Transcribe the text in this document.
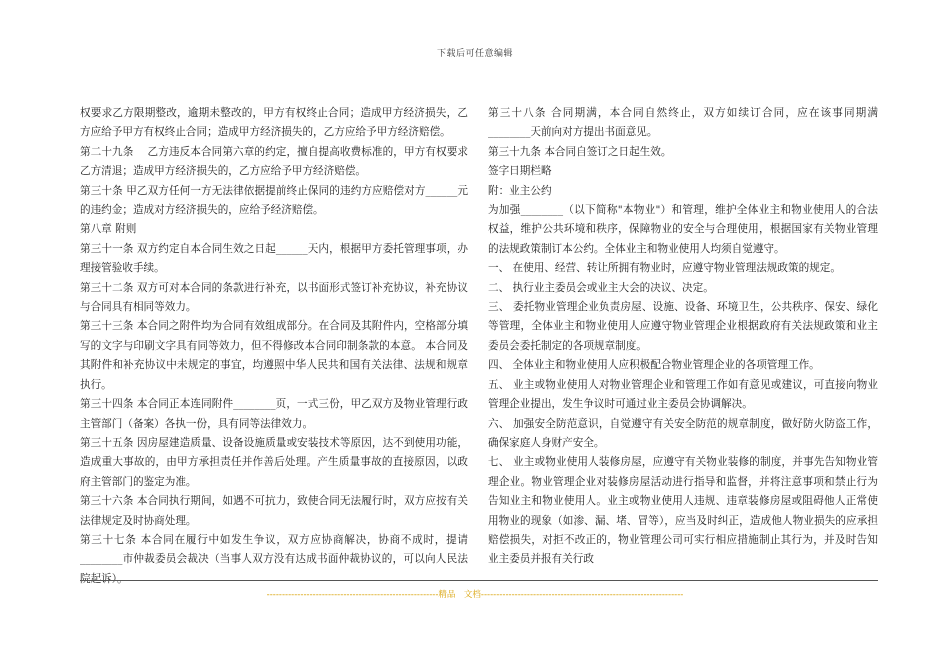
下载后可任意编辑

权要求乙方限期整改，逾期未整改的，甲方有权终止合同；造成甲方经济损失，乙方应给予甲方有权终止合同；造成甲方经济损失的，乙方应给予甲方经济赔偿。

第二十九条　 乙方违反本合同第六章的约定，擅自提高收费标准的，甲方有权要求乙方清退；造成甲方经济损失的，乙方应给予甲方经济赔偿。

第三十条 甲乙双方任何一方无法律依据提前终止保同的违约方应赔偿对方______元的违约金；造成对方经济损失的，应给予经济赔偿。

第八章 附则

第三十一条 双方约定自本合同生效之日起______天内，根据甲方委托管理事项，办理接管验收手续。

第三十二条 双方可对本合同的条款进行补充，以书面形式签订补充协议，补充协议与合同具有相同等效力。

第三十三条 本合同之附件均为合同有效组成部分。在合同及其附件内，空格部分填写的文字与印刷文字具有同等效力，但不得修改本合同印制条款的本意。 本合同及其附件和补充协议中未规定的事宜，均遵照中华人民共和国有关法律、法规和规章执行。

第三十四条 本合同正本连同附件________页，一式三份，甲乙双方及物业管理行政主管部门（备案）各执一份，具有同等法律效力。

第三十五条 因房屋建造质量、设备设施质量或安装技术等原因，达不到使用功能，造成重大事故的，由甲方承担责任并作善后处理。产生质量事故的直接原因，以政府主管部门的鉴定为准。

第三十六条 本合同执行期间，如遇不可抗力，致使合同无法履行时，双方应按有关法律规定及时协商处理。

第三十七条 本合同在履行中如发生争议，双方应协商解决，协商不成时，提请________市仲裁委员会裁决（当事人双方没有达成书面仲裁协议的，可以向人民法院起诉）。

第三十八条 合同期满，本合同自然终止，双方如续订合同，应在该事同期满________天前向对方提出书面意见。

第三十九条 本合同自签订之日起生效。

签字日期栏略

附：业主公约

为加强________（以下简称"本物业"）和管理，维护全体业主和物业使用人的合法权益，维护公共环境和秩序，保障物业的安全与合理使用，根据国家有关物业管理的法规政策制订本公约。全体业主和物业使用人均须自觉遵守。

一、 在使用、经营、转让所拥有物业时，应遵守物业管理法规政策的规定。

二、 执行业主委员会或业主大会的决议、决定。

三、 委托物业管理企业负责房屋、设施、设备、环境卫生，公共秩序、保安、绿化等管理，全体业主和物业使用人应遵守物业管理企业根据政府有关法规政策和业主委员会委托制定的各项规章制度。

四、 全体业主和物业使用人应积极配合物业管理企业的各项管理工作。

五、 业主或物业使用人对物业管理企业和管理工作如有意见或建议，可直接向物业管理企业提出，发生争议时可通过业主委员会协调解决。

六、 加强安全防范意识，自觉遵守有关安全防范的规章制度，做好防火防盗工作，确保家庭人身财产安全。

七、 业主或物业使用人装修房屋，应遵守有关物业装修的制度，并事先告知物业管理企业。物业管理企业对装修房屋活动进行指导和监督，并将注意事项和禁止行为告知业主和物业使用人。业主或物业使用人违规、违章装修房屋或阻碍他人正常使用物业的现象（如渗、漏、堵、冒等），应当及时纠正，造成他人物业损失的应承担赔偿损失，对拒不改正的，物业管理公司可实行相应措施制止其行为，并及时告知业主委员并报有关行政

--------------------------------------------------------精品　文档------------------------------------------------------------------
